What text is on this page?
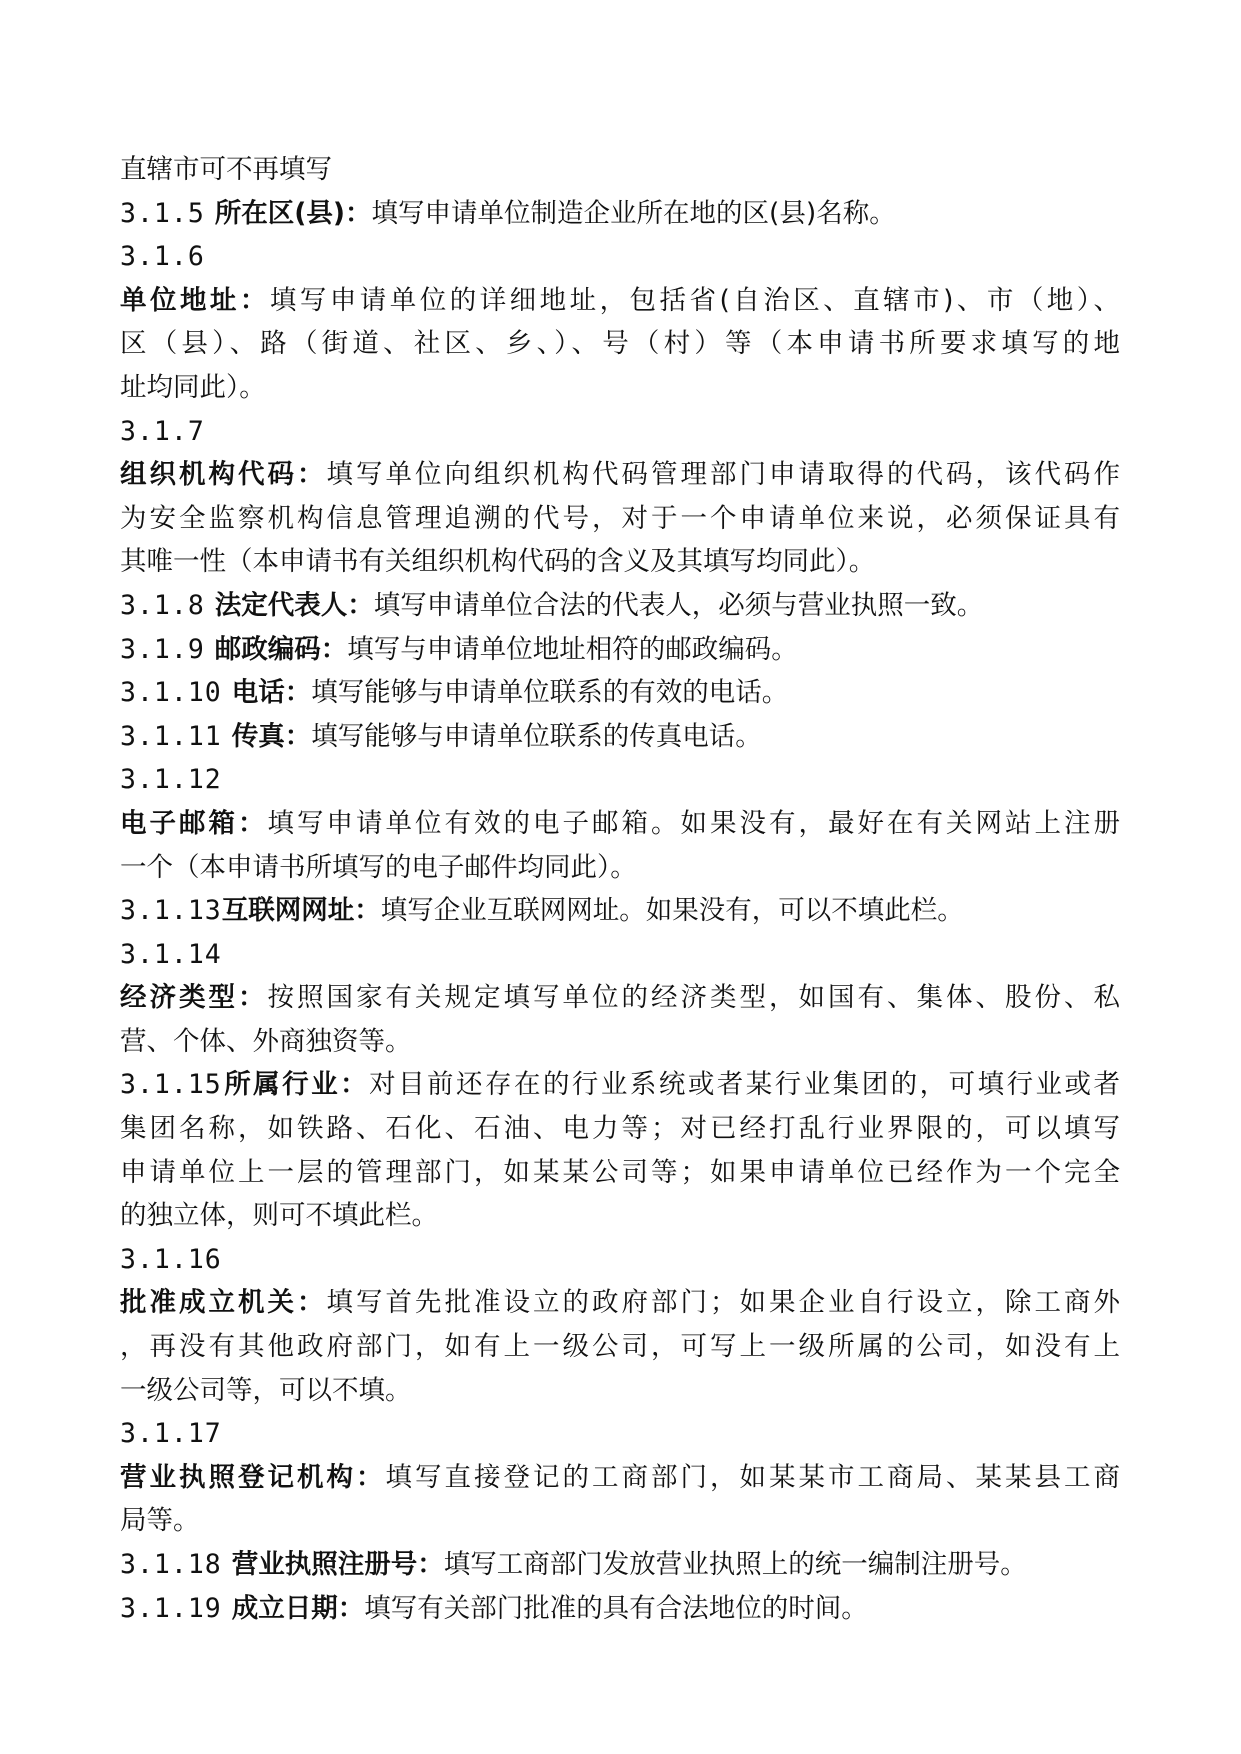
直辖市可不再填写
3.1.5 所在区(县)：填写申请单位制造企业所在地的区(县)名称。
3.1.6
单位地址：填写申请单位的详细地址，包括省(自治区、直辖市)、市（地）、
区（县）、路（街道、社区、乡、）、号（村）等（本申请书所要求填写的地
址均同此）。
3.1.7
组织机构代码：填写单位向组织机构代码管理部门申请取得的代码，该代码作
为安全监察机构信息管理追溯的代号，对于一个申请单位来说，必须保证具有
其唯一性（本申请书有关组织机构代码的含义及其填写均同此）。
3.1.8 法定代表人：填写申请单位合法的代表人，必须与营业执照一致。
3.1.9 邮政编码：填写与申请单位地址相符的邮政编码。
3.1.10 电话：填写能够与申请单位联系的有效的电话。
3.1.11 传真：填写能够与申请单位联系的传真电话。
3.1.12
电子邮箱：填写申请单位有效的电子邮箱。如果没有，最好在有关网站上注册
一个（本申请书所填写的电子邮件均同此）。
3.1.13互联网网址：填写企业互联网网址。如果没有，可以不填此栏。
3.1.14
经济类型：按照国家有关规定填写单位的经济类型，如国有、集体、股份、私
营、个体、外商独资等。
3.1.15所属行业：对目前还存在的行业系统或者某行业集团的，可填行业或者
集团名称，如铁路、石化、石油、电力等；对已经打乱行业界限的，可以填写
申请单位上一层的管理部门，如某某公司等；如果申请单位已经作为一个完全
的独立体，则可不填此栏。
3.1.16
批准成立机关：填写首先批准设立的政府部门；如果企业自行设立，除工商外
，再没有其他政府部门，如有上一级公司，可写上一级所属的公司，如没有上
一级公司等，可以不填。
3.1.17
营业执照登记机构：填写直接登记的工商部门，如某某市工商局、某某县工商
局等。
3.1.18 营业执照注册号：填写工商部门发放营业执照上的统一编制注册号。
3.1.19 成立日期：填写有关部门批准的具有合法地位的时间。
